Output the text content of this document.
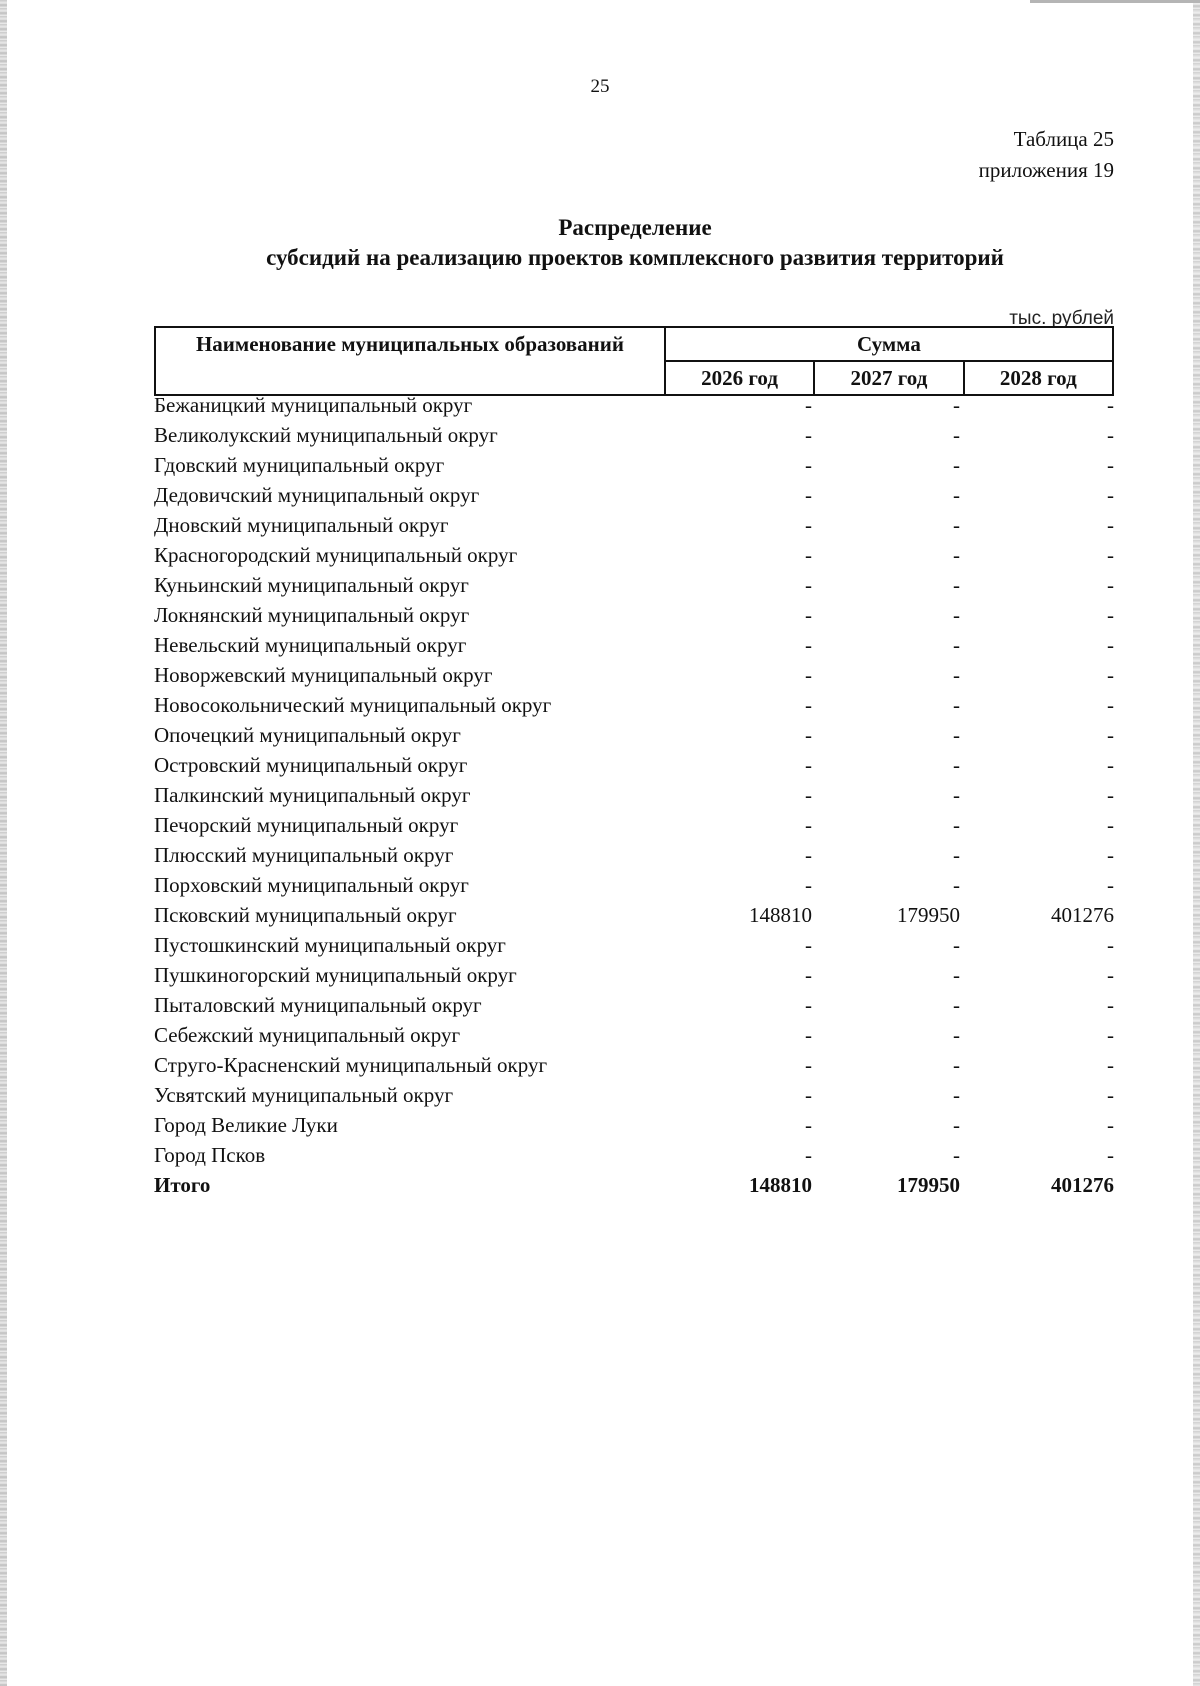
25
Таблица 25
приложения 19
Распределение
субсидий на реализацию проектов комплексного развития территорий
тыс. рублей
Наименование муниципальных образований	Сумма		
	2026 год	2027 год	2028 год
Бежаницкий муниципальный округ	-	-	-
Великолукский муниципальный округ	-	-	-
Гдовский муниципальный округ	-	-	-
Дедовичский муниципальный округ	-	-	-
Дновский муниципальный округ	-	-	-
Красногородский муниципальный округ	-	-	-
Куньинский муниципальный округ	-	-	-
Локнянский муниципальный округ	-	-	-
Невельский муниципальный округ	-	-	-
Новоржевский муниципальный округ	-	-	-
Новосокольнический муниципальный округ	-	-	-
Опочецкий муниципальный округ	-	-	-
Островский муниципальный округ	-	-	-
Палкинский муниципальный округ	-	-	-
Печорский муниципальный округ	-	-	-
Плюсский муниципальный округ	-	-	-
Порховский муниципальный округ	-	-	-
Псковский муниципальный округ	148810	179950	401276
Пустошкинский муниципальный округ	-	-	-
Пушкиногорский муниципальный округ	-	-	-
Пыталовский муниципальный округ	-	-	-
Себежский муниципальный округ	-	-	-
Струго-Красненский муниципальный округ	-	-	-
Усвятский муниципальный округ	-	-	-
Город Великие Луки	-	-	-
Город Псков	-	-	-
Итого	148810	179950	401276
